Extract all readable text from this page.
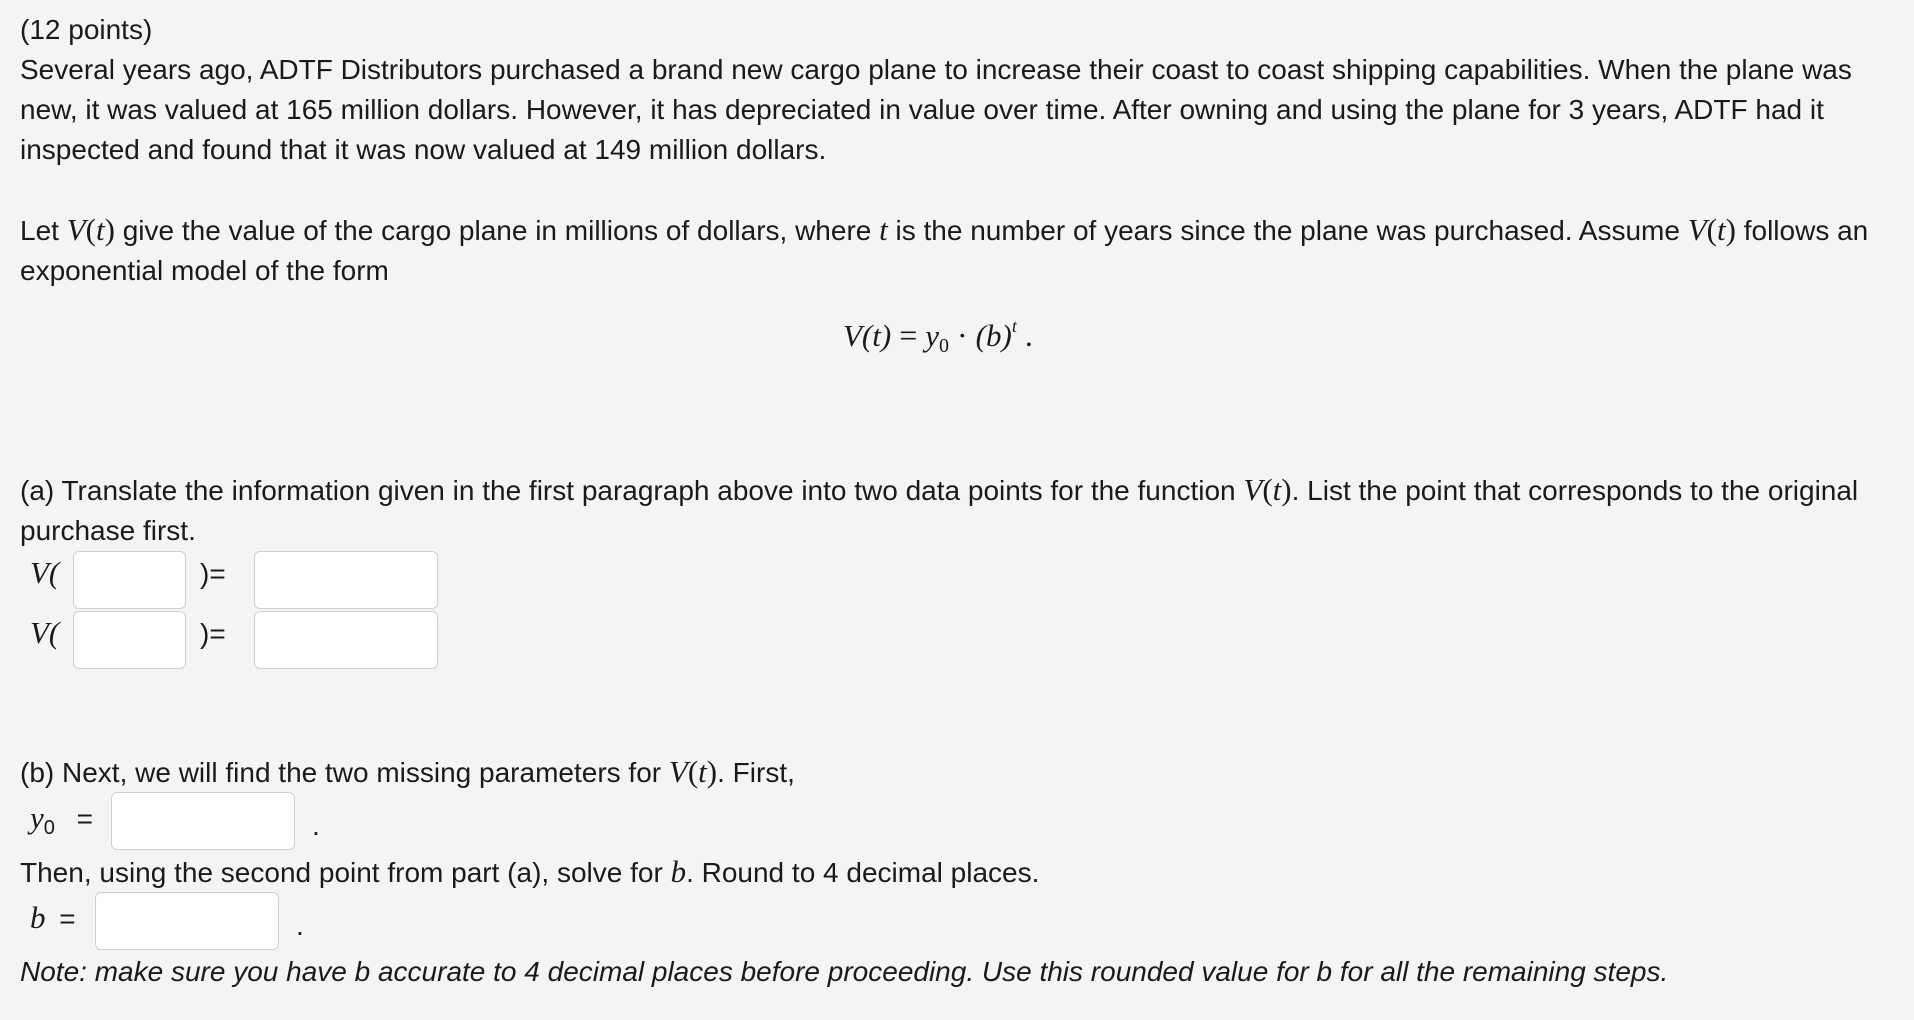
(12 points)

Several years ago, ADTF Distributors purchased a brand new cargo plane to increase their coast to coast shipping capabilities. When the plane was new, it was valued at 165 million dollars. However, it has depreciated in value over time. After owning and using the plane for 3 years, ADTF had it inspected and found that it was now valued at 149 million dollars.

Let V(t) give the value of the cargo plane in millions of dollars, where t is the number of years since the plane was purchased. Assume V(t) follows an exponential model of the form

$V(t) = y_0 \cdot (b)^t$ .
(a) Translate the information given in the first paragraph above into two data points for the function V(t). List the point that corresponds to the original purchase first.
V(	)=
V(	)=
(b) Next, we will find the two missing parameters for V(t). First,
$y_0$ =	.
Then, using the second point from part (a), solve for b. Round to 4 decimal places.
b =	.
Note: make sure you have b accurate to 4 decimal places before proceeding. Use this rounded value for b for all the remaining steps.
